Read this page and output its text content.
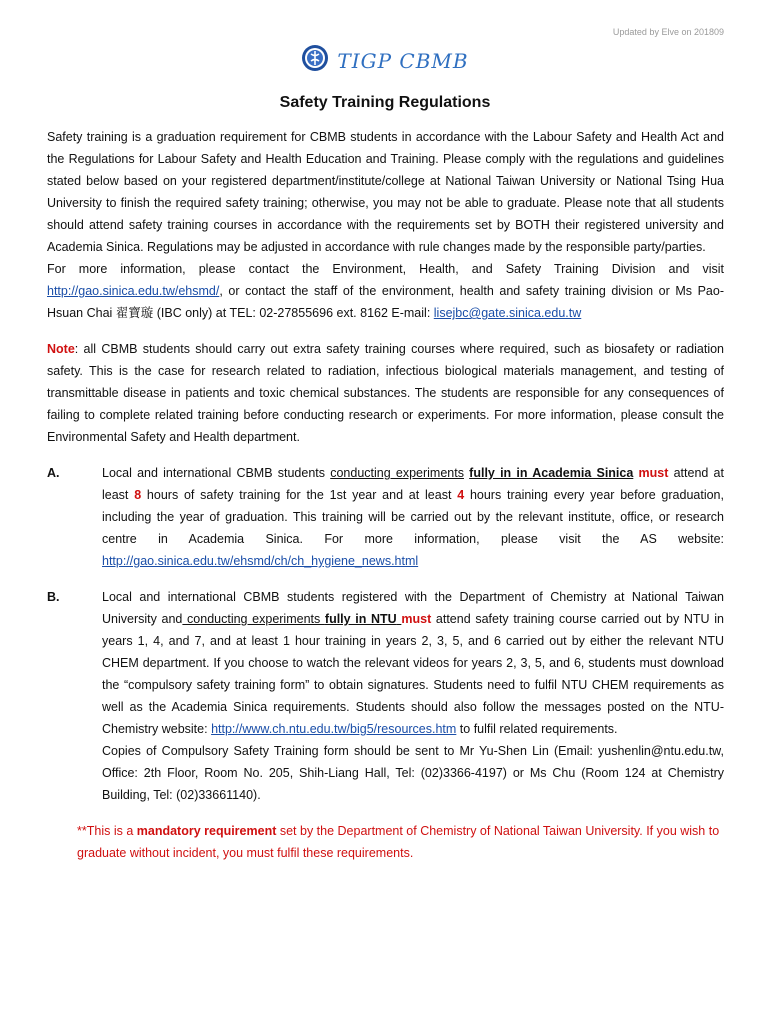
Updated by Elve on 201809
TIGP CBMB
Safety Training Regulations

Safety training is a graduation requirement for CBMB students in accordance with the Labour Safety and Health Act and the Regulations for Labour Safety and Health Education and Training. Please comply with the regulations and guidelines stated below based on your registered department/institute/college at National Taiwan University or National Tsing Hua University to finish the required safety training; otherwise, you may not be able to graduate. Please note that all students should attend safety training courses in accordance with the requirements set by BOTH their registered university and Academia Sinica. Regulations may be adjusted in accordance with rule changes made by the responsible party/parties.
For more information, please contact the Environment, Health, and Safety Training Division and visit http://gao.sinica.edu.tw/ehsmd/, or contact the staff of the environment, health and safety training division or Ms Pao-Hsuan Chai 翟寶璇 (IBC only) at TEL: 02-27855696 ext. 8162 E-mail: lisejbc@gate.sinica.edu.tw

Note: all CBMB students should carry out extra safety training courses where required, such as biosafety or radiation safety. This is the case for research related to radiation, infectious biological materials management, and testing of transmittable disease in patients and toxic chemical substances. The students are responsible for any consequences of failing to complete related training before conducting research or experiments. For more information, please consult the Environmental Safety and Health department.

A.	Local and international CBMB students conducting experiments fully in in Academia Sinica must attend at least 8 hours of safety training for the 1st year and at least 4 hours training every year before graduation, including the year of graduation. This training will be carried out by the relevant institute, office, or research centre in Academia Sinica. For more information, please visit the AS website: http://gao.sinica.edu.tw/ehsmd/ch/ch_hygiene_news.html
B.	Local and international CBMB students registered with the Department of Chemistry at National Taiwan University and conducting experiments fully in NTU must attend safety training course carried out by NTU in years 1, 4, and 7, and at least 1 hour training in years 2, 3, 5, and 6 carried out by either the relevant NTU CHEM department. If you choose to watch the relevant videos for years 2, 3, 5, and 6, students must download the “compulsory safety training form” to obtain signatures. Students need to fulfil NTU CHEM requirements as well as the Academia Sinica requirements. Students should also follow the messages posted on the NTU-Chemistry website: http://www.ch.ntu.edu.tw/big5/resources.htm to fulfil related requirements.
Copies of Compulsory Safety Training form should be sent to Mr Yu-Shen Lin (Email: yushenlin@ntu.edu.tw, Office: 2th Floor, Room No. 205, Shih-Liang Hall, Tel: (02)3366-4197) or Ms Chu (Room 124 at Chemistry Building, Tel: (02)33661140).

**This is a mandatory requirement set by the Department of Chemistry of National Taiwan University. If you wish to graduate without incident, you must fulfil these requirements.
